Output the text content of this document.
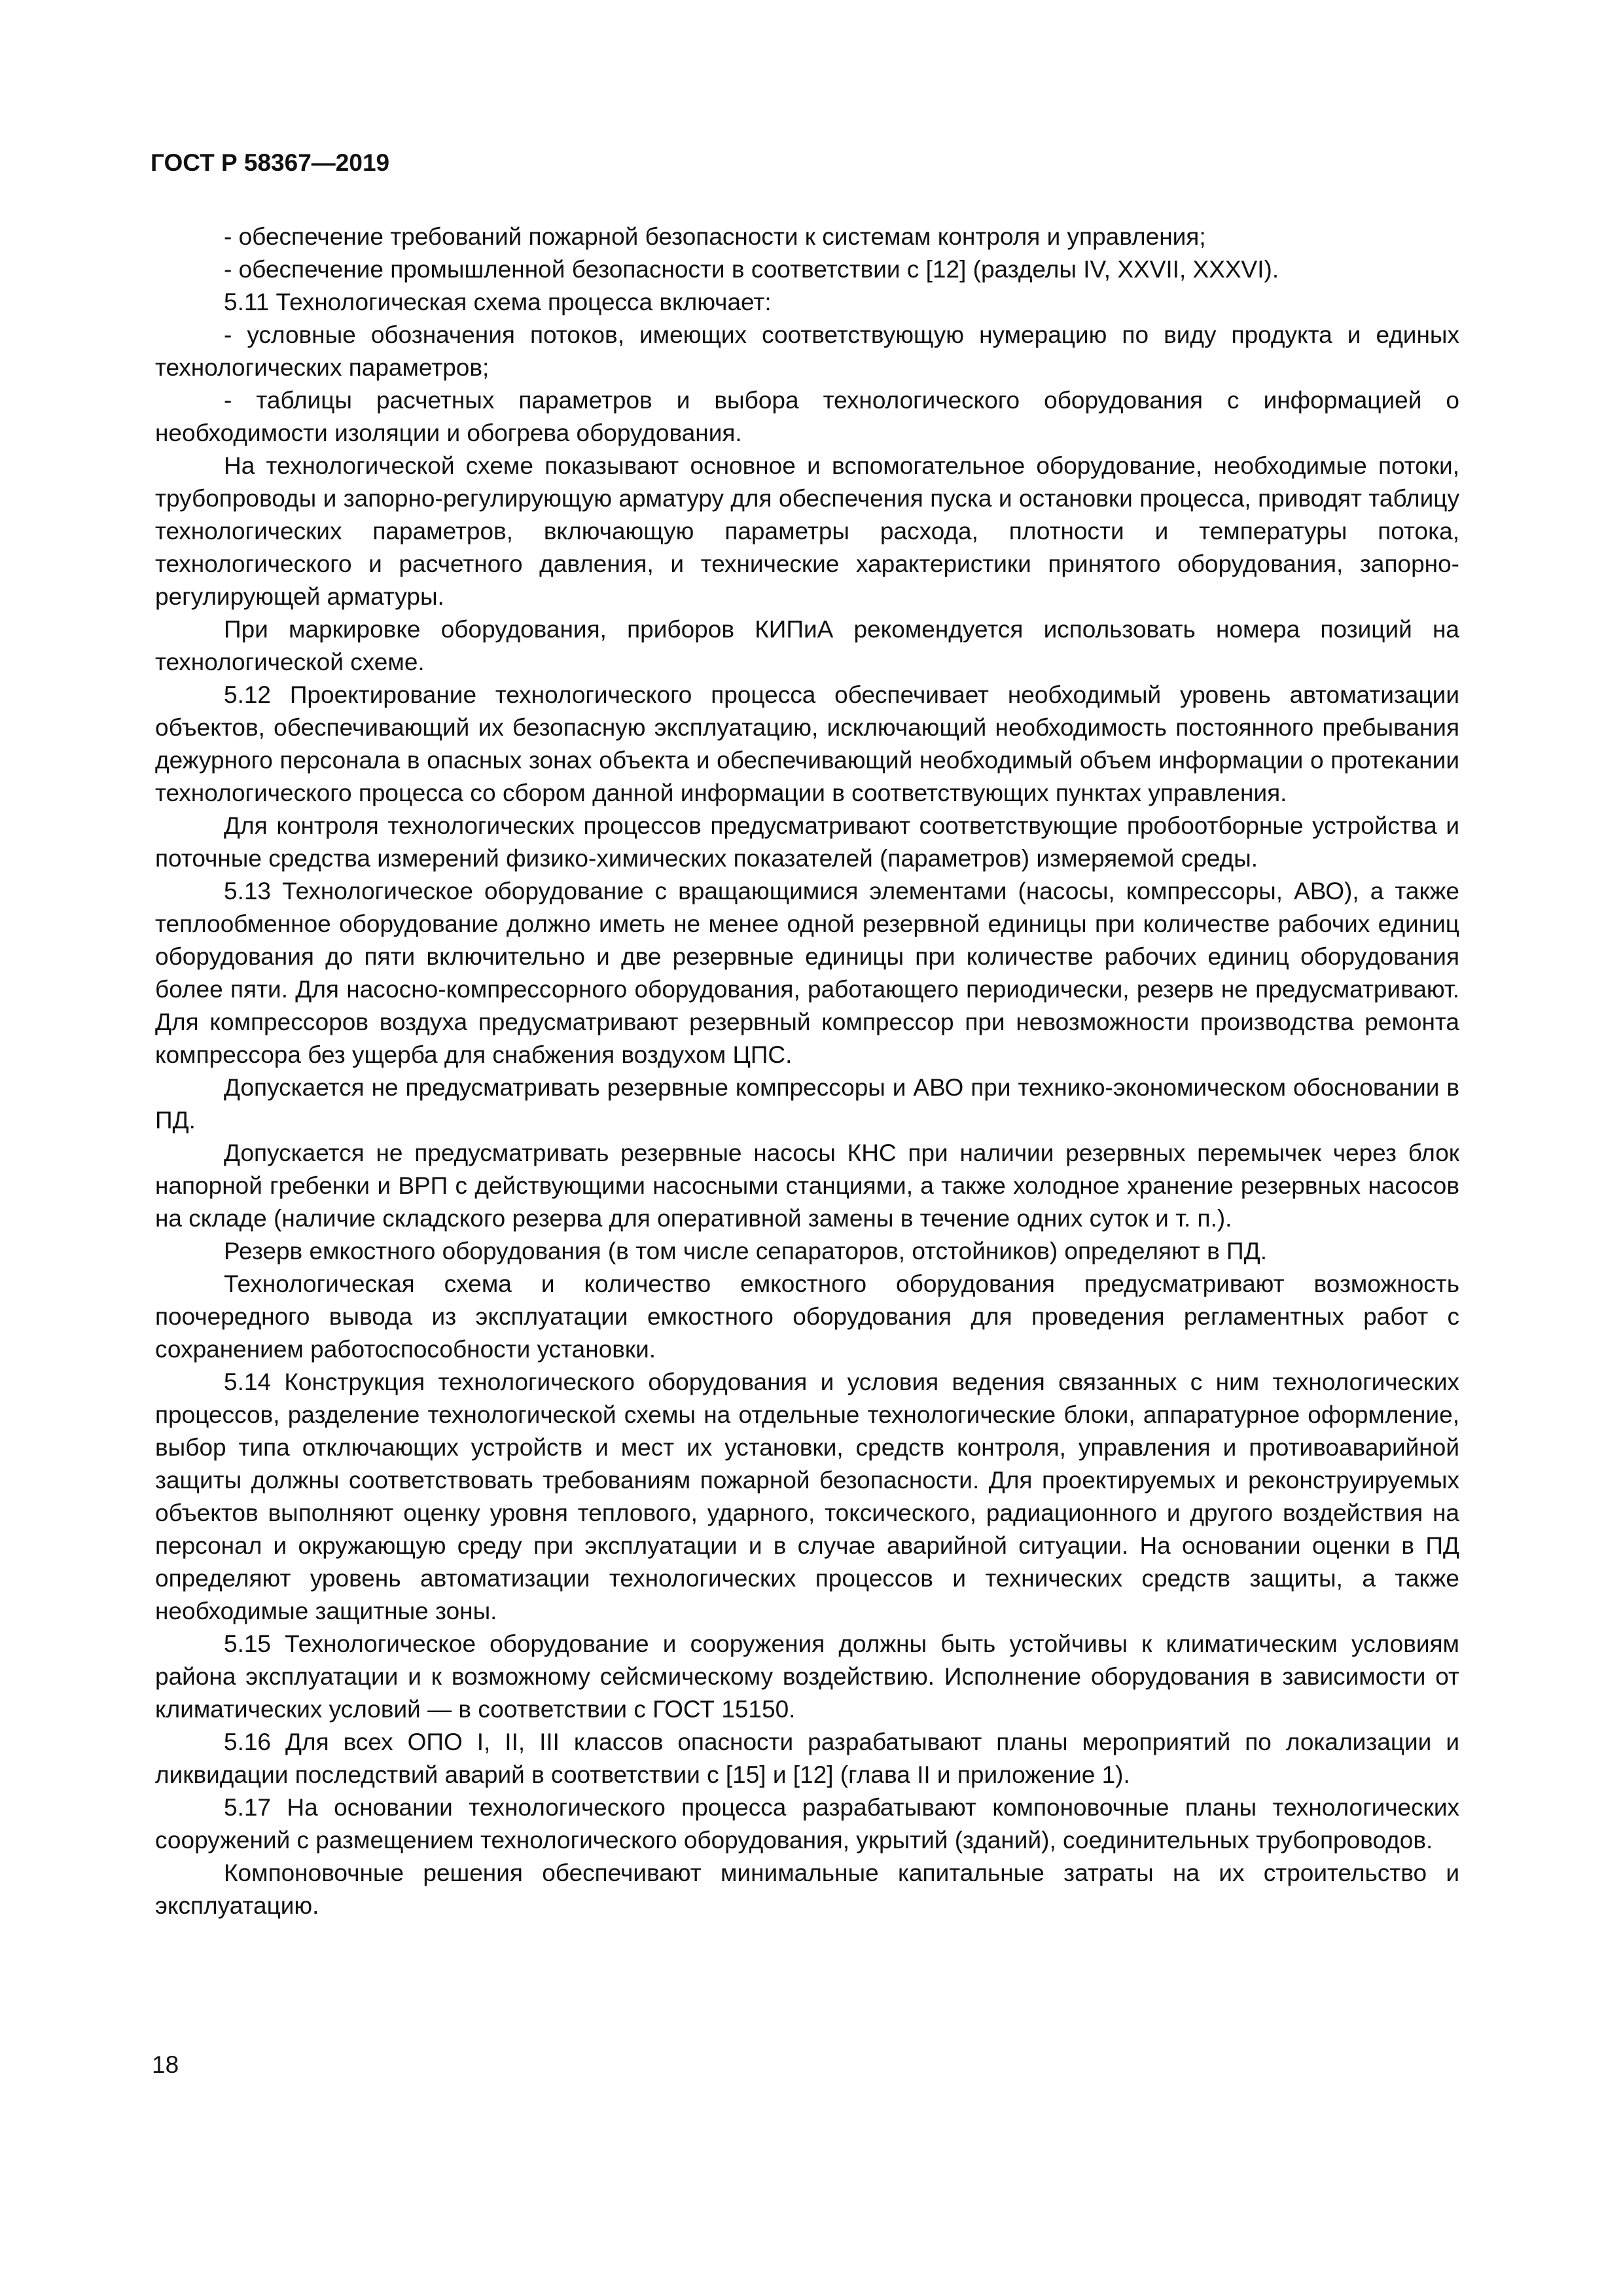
ГОСТ Р 58367—2019

- обеспечение требований пожарной безопасности к системам контроля и управления;

- обеспечение промышленной безопасности в соответствии с [12] (разделы IV, XXVII, XXXVI).

5.11 Технологическая схема процесса включает:

- условные обозначения потоков, имеющих соответствующую нумерацию по виду продукта и единых технологических параметров;

- таблицы расчетных параметров и выбора технологического оборудования с информацией о необходимости изоляции и обогрева оборудования.

На технологической схеме показывают основное и вспомогательное оборудование, необходимые потоки, трубопроводы и запорно-регулирующую арматуру для обеспечения пуска и остановки процесса, приводят таблицу технологических параметров, включающую параметры расхода, плотности и температуры потока, технологического и расчетного давления, и технические характеристики принятого оборудования, запорно-регулирующей арматуры.

При маркировке оборудования, приборов КИПиА рекомендуется использовать номера позиций на технологической схеме.

5.12 Проектирование технологического процесса обеспечивает необходимый уровень автоматизации объектов, обеспечивающий их безопасную эксплуатацию, исключающий необходимость постоянного пребывания дежурного персонала в опасных зонах объекта и обеспечивающий необходимый объем информации о протекании технологического процесса со сбором данной информации в соответствующих пунктах управления.

Для контроля технологических процессов предусматривают соответствующие пробоотборные устройства и поточные средства измерений физико-химических показателей (параметров) измеряемой среды.

5.13 Технологическое оборудование с вращающимися элементами (насосы, компрессоры, АВО), а также теплообменное оборудование должно иметь не менее одной резервной единицы при количестве рабочих единиц оборудования до пяти включительно и две резервные единицы при количестве рабочих единиц оборудования более пяти. Для насосно-компрессорного оборудования, работающего периодически, резерв не предусматривают. Для компрессоров воздуха предусматривают резервный компрессор при невозможности производства ремонта компрессора без ущерба для снабжения воздухом ЦПС.

Допускается не предусматривать резервные компрессоры и АВО при технико-экономическом обосновании в ПД.

Допускается не предусматривать резервные насосы КНС при наличии резервных перемычек через блок напорной гребенки и ВРП с действующими насосными станциями, а также холодное хранение резервных насосов на складе (наличие складского резерва для оперативной замены в течение одних суток и т. п.).

Резерв емкостного оборудования (в том числе сепараторов, отстойников) определяют в ПД.

Технологическая схема и количество емкостного оборудования предусматривают возможность поочередного вывода из эксплуатации емкостного оборудования для проведения регламентных работ с сохранением работоспособности установки.

5.14 Конструкция технологического оборудования и условия ведения связанных с ним технологических процессов, разделение технологической схемы на отдельные технологические блоки, аппаратурное оформление, выбор типа отключающих устройств и мест их установки, средств контроля, управления и противоаварийной защиты должны соответствовать требованиям пожарной безопасности. Для проектируемых и реконструируемых объектов выполняют оценку уровня теплового, ударного, токсического, радиационного и другого воздействия на персонал и окружающую среду при эксплуатации и в случае аварийной ситуации. На основании оценки в ПД определяют уровень автоматизации технологических процессов и технических средств защиты, а также необходимые защитные зоны.

5.15 Технологическое оборудование и сооружения должны быть устойчивы к климатическим условиям района эксплуатации и к возможному сейсмическому воздействию. Исполнение оборудования в зависимости от климатических условий — в соответствии с ГОСТ 15150.

5.16 Для всех ОПО I, II, III классов опасности разрабатывают планы мероприятий по локализации и ликвидации последствий аварий в соответствии с [15] и [12] (глава II и приложение 1).

5.17 На основании технологического процесса разрабатывают компоновочные планы технологических сооружений с размещением технологического оборудования, укрытий (зданий), соединительных трубопроводов.

Компоновочные решения обеспечивают минимальные капитальные затраты на их строительство и эксплуатацию.

18
